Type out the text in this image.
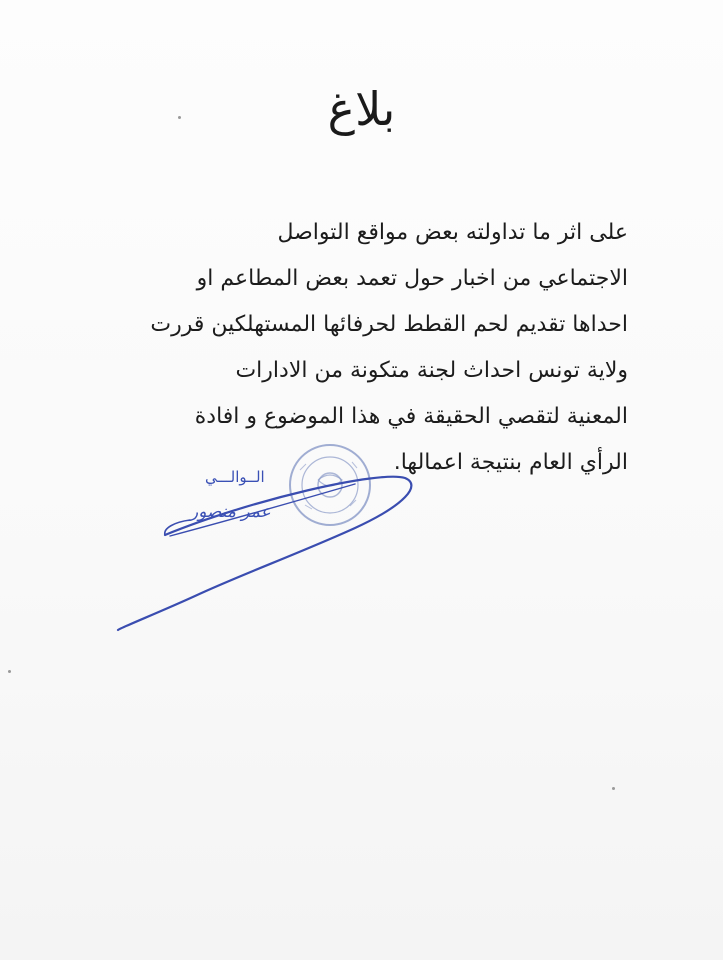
بلاغ
على اثر ما تداولته بعض مواقع التواصل
الاجتماعي من اخبار حول تعمد بعض المطاعم او
احداها تقديم لحم القطط لحرفائها المستهلكين قررت
ولاية تونس احداث لجنة متكونة من الادارات
المعنية لتقصي الحقيقة في هذا الموضوع و افادة
الرأي العام بنتيجة اعمالها.
الــوالـــي
عمر منصور
